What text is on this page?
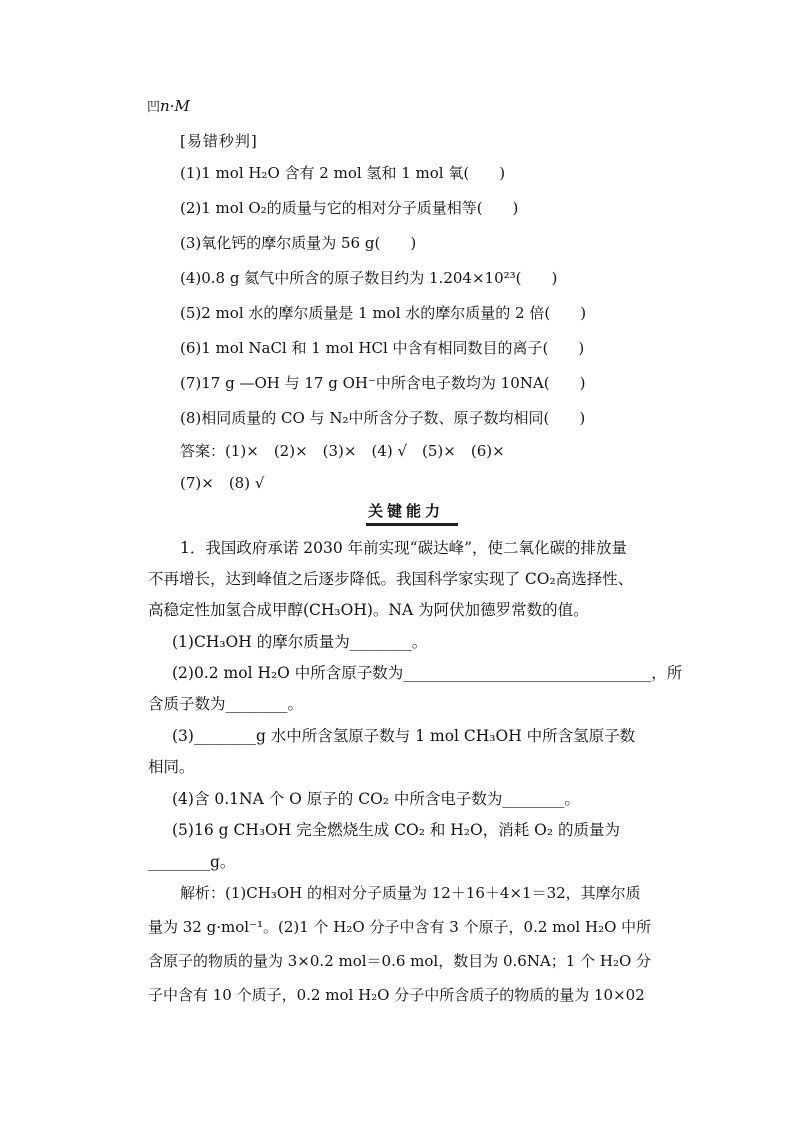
凹n·M
[易错秒判]
(1)1 mol H₂O 含有 2 mol 氢和 1 mol 氧(　　)
(2)1 mol O₂的质量与它的相对分子质量相等(　　)
(3)氧化钙的摩尔质量为 56 g(　　)
(4)0.8 g 氦气中所含的原子数目约为 1.204×10²³(　　)
(5)2 mol 水的摩尔质量是 1 mol 水的摩尔质量的 2 倍(　　)
(6)1 mol NaCl 和 1 mol HCl 中含有相同数目的离子(　　)
(7)17 g —OH 与 17 g OH⁻中所含电子数均为 10NA(　　)
(8)相同质量的 CO 与 N₂中所含分子数、原子数均相同(　　)
答案：(1)×　(2)×　(3)×　(4) √　(5)×　(6)×
(7)×　(8) √
关键能力
1．我国政府承诺 2030 年前实现“碳达峰”，使二氧化碳的排放量
不再增长，达到峰值之后逐步降低。我国科学家实现了 CO₂高选择性、
高稳定性加氢合成甲醇(CH₃OH)。NA 为阿伏加德罗常数的值。
(1)CH₃OH 的摩尔质量为________。
(2)0.2 mol H₂O 中所含原子数为________________________________，所
含质子数为________。
(3)________g 水中所含氢原子数与 1 mol CH₃OH 中所含氢原子数
相同。
(4)含 0.1NA 个 O 原子的 CO₂ 中所含电子数为________。
(5)16 g CH₃OH 完全燃烧生成 CO₂ 和 H₂O，消耗 O₂ 的质量为
________g。
解析：(1)CH₃OH 的相对分子质量为 12＋16＋4×1＝32，其摩尔质
量为 32 g·mol⁻¹。(2)1 个 H₂O 分子中含有 3 个原子，0.2 mol H₂O 中所
含原子的物质的量为 3×0.2 mol＝0.6 mol，数目为 0.6NA；1 个 H₂O 分
子中含有 10 个质子，0.2 mol H₂O 分子中所含质子的物质的量为 10×02
